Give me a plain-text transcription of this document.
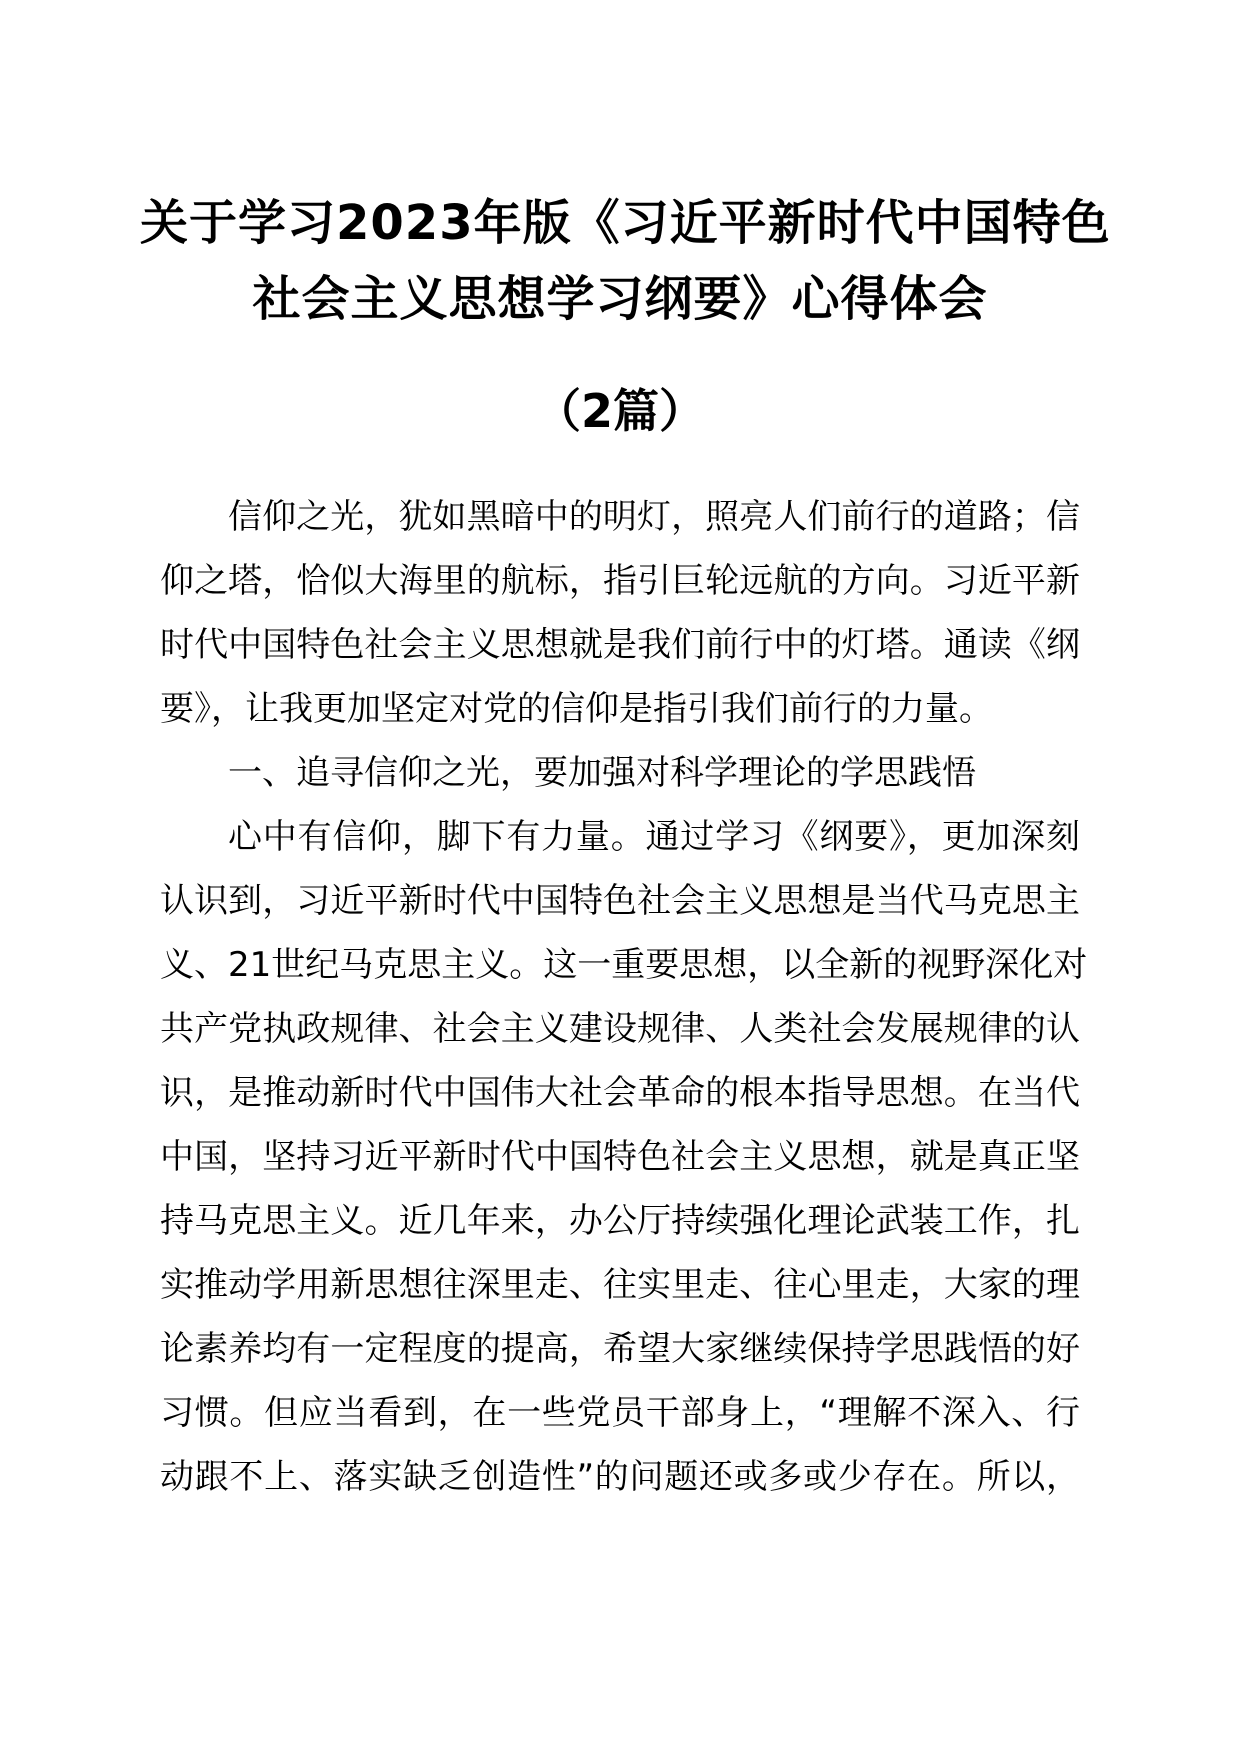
关于学习2023年版《习近平新时代中国特色
社会主义思想学习纲要》心得体会
（2篇）
信仰之光，犹如黑暗中的明灯，照亮人们前行的道路；信
仰之塔，恰似大海里的航标，指引巨轮远航的方向。习近平新
时代中国特色社会主义思想就是我们前行中的灯塔。通读《纲
要》，让我更加坚定对党的信仰是指引我们前行的力量。
一、追寻信仰之光，要加强对科学理论的学思践悟
心中有信仰，脚下有力量。通过学习《纲要》，更加深刻
认识到，习近平新时代中国特色社会主义思想是当代马克思主
义、21世纪马克思主义。这一重要思想，以全新的视野深化对
共产党执政规律、社会主义建设规律、人类社会发展规律的认
识，是推动新时代中国伟大社会革命的根本指导思想。在当代
中国，坚持习近平新时代中国特色社会主义思想，就是真正坚
持马克思主义。近几年来，办公厅持续强化理论武装工作，扎
实推动学用新思想往深里走、往实里走、往心里走，大家的理
论素养均有一定程度的提高，希望大家继续保持学思践悟的好
习惯。但应当看到，在一些党员干部身上，“理解不深入、行
动跟不上、落实缺乏创造性”的问题还或多或少存在。所以，
